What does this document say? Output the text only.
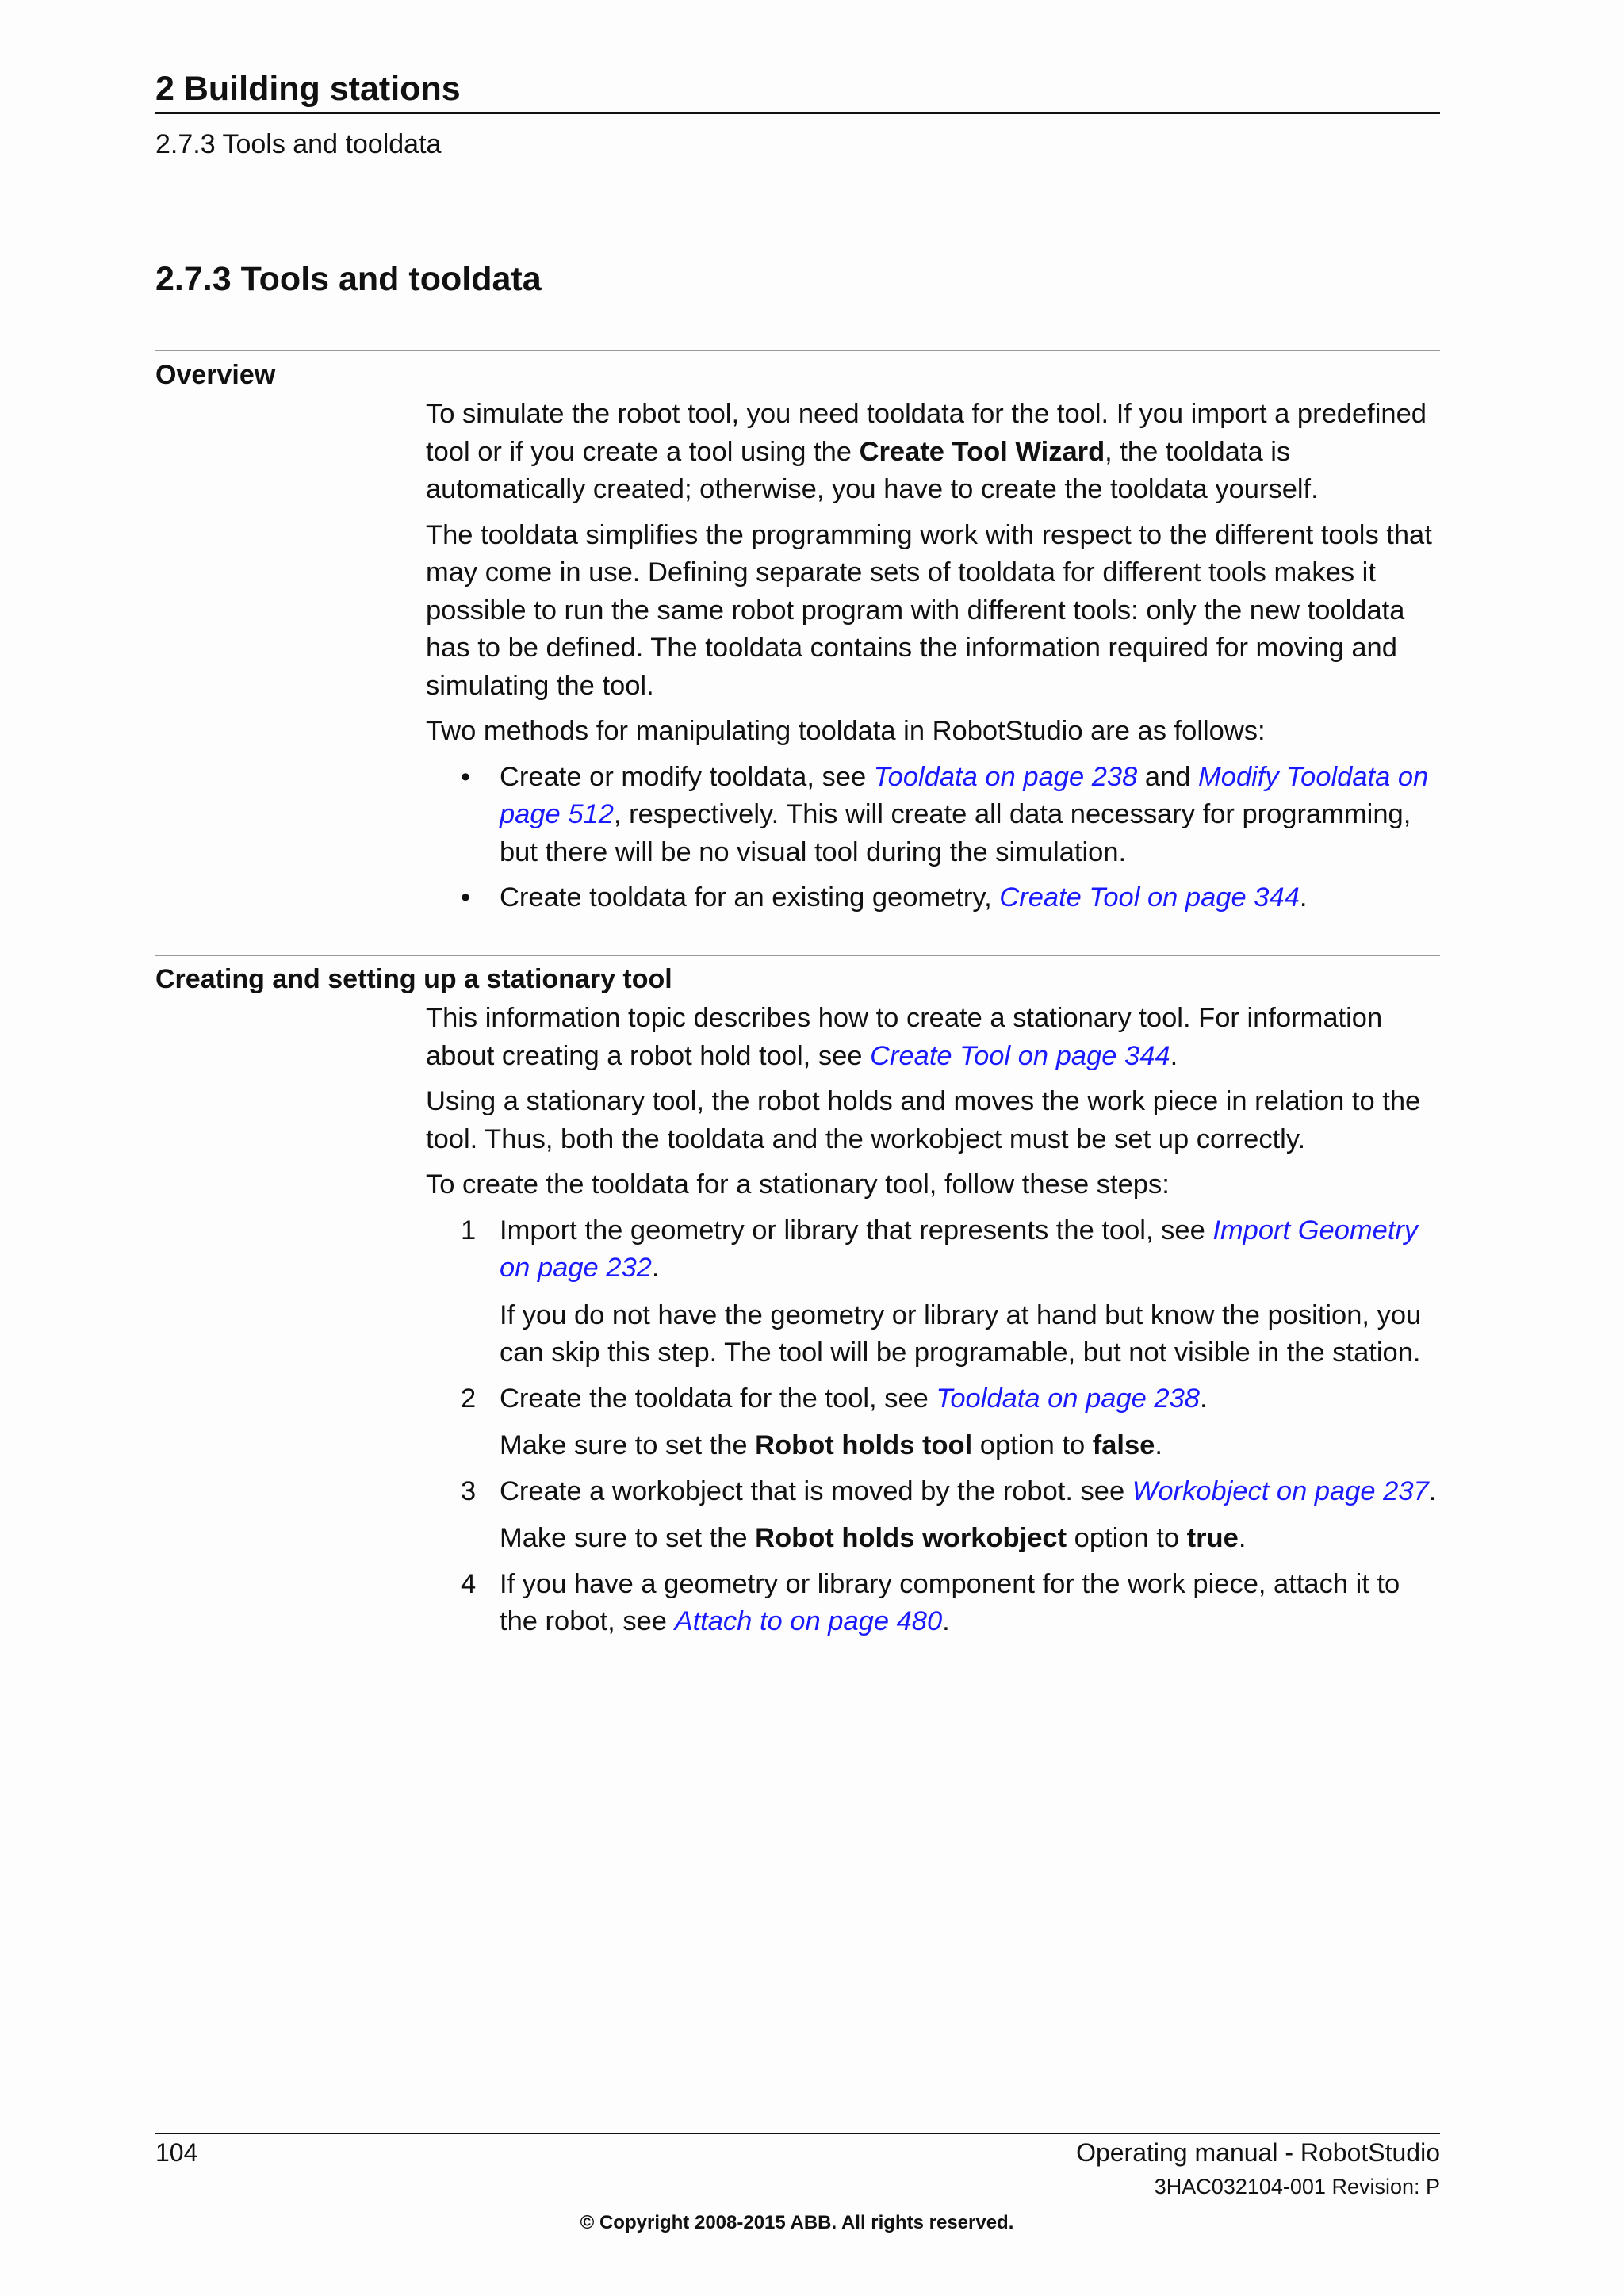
2 Building stations
2.7.3 Tools and tooldata
2.7.3 Tools and tooldata
Overview

To simulate the robot tool, you need tooldata for the tool. If you import a predefined tool or if you create a tool using the Create Tool Wizard, the tooldata is automatically created; otherwise, you have to create the tooldata yourself.

The tooldata simplifies the programming work with respect to the different tools that may come in use. Defining separate sets of tooldata for different tools makes it possible to run the same robot program with different tools: only the new tooldata has to be defined. The tooldata contains the information required for moving and simulating the tool.

Two methods for manipulating tooldata in RobotStudio are as follows:

• Create or modify tooldata, see Tooldata on page 238 and Modify Tooldata on page 512, respectively. This will create all data necessary for programming, but there will be no visual tool during the simulation.
• Create tooldata for an existing geometry, Create Tool on page 344.
Creating and setting up a stationary tool

This information topic describes how to create a stationary tool. For information about creating a robot hold tool, see Create Tool on page 344.

Using a stationary tool, the robot holds and moves the work piece in relation to the tool. Thus, both the tooldata and the workobject must be set up correctly.

To create the tooldata for a stationary tool, follow these steps:

1 Import the geometry or library that represents the tool, see Import Geometry on page 232.
If you do not have the geometry or library at hand but know the position, you can skip this step. The tool will be programable, but not visible in the station.
2 Create the tooldata for the tool, see Tooldata on page 238.
Make sure to set the Robot holds tool option to false.
3 Create a workobject that is moved by the robot. see Workobject on page 237.
Make sure to set the Robot holds workobject option to true.
4 If you have a geometry or library component for the work piece, attach it to the robot, see Attach to on page 480.
104	Operating manual - RobotStudio
3HAC032104-001 Revision: P
© Copyright 2008-2015 ABB. All rights reserved.
